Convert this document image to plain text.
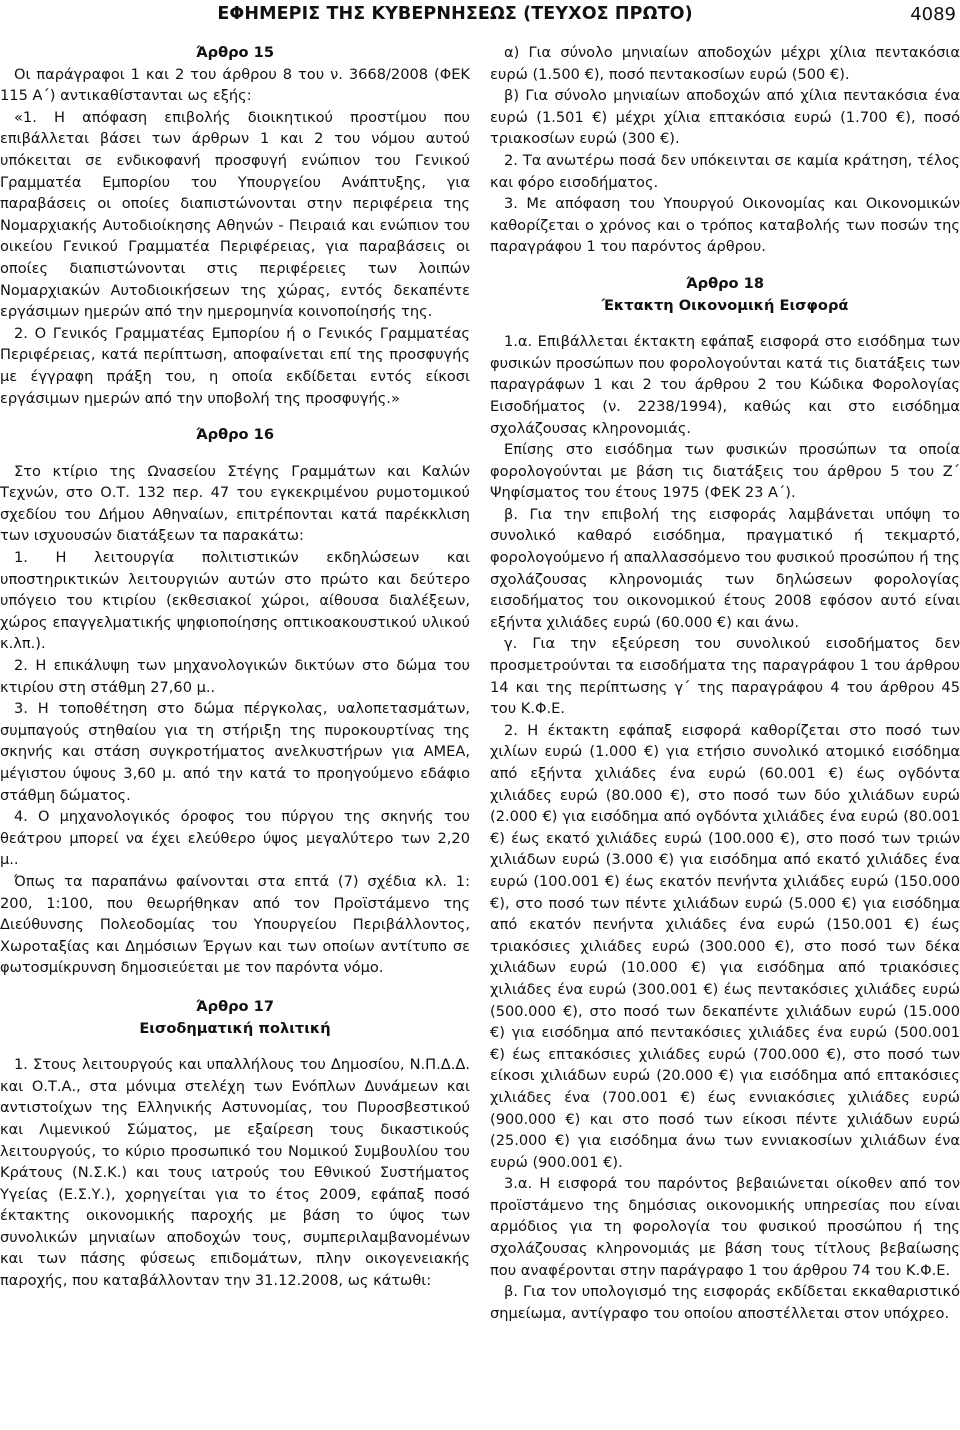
ΕΦΗΜΕΡΙΣ ΤΗΣ ΚΥΒΕΡΝΗΣΕΩΣ (ΤΕΥΧΟΣ ΠΡΩΤΟ)	4089

Άρθρο 15

Οι παράγραφοι 1 και 2 του άρθρου 8 του ν. 3668/2008 (ΦΕΚ 115 Α΄) αντικαθίστανται ως εξής:

«1. Η απόφαση επιβολής διοικητικού προστίμου που επιβάλλεται βάσει των άρθρων 1 και 2 του νόμου αυτού υπόκειται σε ενδικοφανή προσφυγή ενώπιον του Γενικού Γραμματέα Εμπορίου του Υπουργείου Ανάπτυξης, για παραβάσεις οι οποίες διαπιστώνονται στην περιφέρεια της Νομαρχιακής Αυτοδιοίκησης Αθηνών - Πειραιά και ενώπιον του οικείου Γενικού Γραμματέα Περιφέρειας, για παραβάσεις οι οποίες διαπιστώνονται στις περιφέρειες των λοιπών Νομαρχιακών Αυτοδιοικήσεων της χώρας, εντός δεκαπέντε εργάσιμων ημερών από την ημερομηνία κοινοποίησής της.

2. Ο Γενικός Γραμματέας Εμπορίου ή ο Γενικός Γραμματέας Περιφέρειας, κατά περίπτωση, αποφαίνεται επί της προσφυγής με έγγραφη πράξη του, η οποία εκδίδεται εντός είκοσι εργάσιμων ημερών από την υποβολή της προσφυγής.»

Άρθρο 16

Στο κτίριο της Ωνασείου Στέγης Γραμμάτων και Καλών Τεχνών, στο Ο.Τ. 132 περ. 47 του εγκεκριμένου ρυμοτομικού σχεδίου του Δήμου Αθηναίων, επιτρέπονται κατά παρέκκλιση των ισχυουσών διατάξεων τα παρακάτω:

1. Η λειτουργία πολιτιστικών εκδηλώσεων και υποστηρικτικών λειτουργιών αυτών στο πρώτο και δεύτερο υπόγειο του κτιρίου (εκθεσιακοί χώροι, αίθουσα διαλέξεων, χώρος επαγγελματικής ψηφιοποίησης οπτικοακουστικού υλικού κ.λπ.).

2. Η επικάλυψη των μηχανολογικών δικτύων στο δώμα του κτιρίου στη στάθμη 27,60 μ..

3. Η τοποθέτηση στο δώμα πέργκολας, υαλοπετασμάτων, συμπαγούς στηθαίου για τη στήριξη της πυροκουρτίνας της σκηνής και στάση συγκροτήματος ανελκυστήρων για ΑΜΕΑ, μέγιστου ύψους 3,60 μ. από την κατά το προηγούμενο εδάφιο στάθμη δώματος.

4. Ο μηχανολογικός όροφος του πύργου της σκηνής του θεάτρου μπορεί να έχει ελεύθερο ύψος μεγαλύτερο των 2,20 μ..

Όπως τα παραπάνω φαίνονται στα επτά (7) σχέδια κλ. 1: 200, 1:100, που θεωρήθηκαν από τον Προϊστάμενο της Διεύθυνσης Πολεοδομίας του Υπουργείου Περιβάλλοντος, Χωροταξίας και Δημόσιων Έργων και των οποίων αντίτυπο σε φωτοσμίκρυνση δημοσιεύεται με τον παρόντα νόμο.

Άρθρο 17

Εισοδηματική πολιτική

1. Στους λειτουργούς και υπαλλήλους του Δημοσίου, Ν.Π.Δ.Δ. και Ο.Τ.Α., στα μόνιμα στελέχη των Ενόπλων Δυνάμεων και αντιστοίχων της Ελληνικής Αστυνομίας, του Πυροσβεστικού και Λιμενικού Σώματος, με εξαίρεση τους δικαστικούς λειτουργούς, το κύριο προσωπικό του Νομικού Συμβουλίου του Κράτους (Ν.Σ.Κ.) και τους ιατρούς του Εθνικού Συστήματος Υγείας (Ε.Σ.Υ.), χορηγείται για το έτος 2009, εφάπαξ ποσό έκτακτης οικονομικής παροχής με βάση το ύψος των συνολικών μηνιαίων αποδοχών τους, συμπεριλαμβανομένων και των πάσης φύσεως επιδομάτων, πλην οικογενειακής παροχής, που καταβάλλονταν την 31.12.2008, ως κάτωθι:

α) Για σύνολο μηνιαίων αποδοχών μέχρι χίλια πεντακόσια ευρώ (1.500 €), ποσό πεντακοσίων ευρώ (500 €).

β) Για σύνολο μηνιαίων αποδοχών από χίλια πεντακόσια ένα ευρώ (1.501 €) μέχρι χίλια επτακόσια ευρώ (1.700 €), ποσό τριακοσίων ευρώ (300 €).

2. Τα ανωτέρω ποσά δεν υπόκεινται σε καμία κράτηση, τέλος και φόρο εισοδήματος.

3. Με απόφαση του Υπουργού Οικονομίας και Οικονομικών καθορίζεται ο χρόνος και ο τρόπος καταβολής των ποσών της παραγράφου 1 του παρόντος άρθρου.

Άρθρο 18

Έκτακτη Οικονομική Εισφορά

1.α. Επιβάλλεται έκτακτη εφάπαξ εισφορά στο εισόδημα των φυσικών προσώπων που φορολογούνται κατά τις διατάξεις των παραγράφων 1 και 2 του άρθρου 2 του Κώδικα Φορολογίας Εισοδήματος (ν. 2238/1994), καθώς και στο εισόδημα σχολάζουσας κληρονομιάς.

Επίσης στο εισόδημα των φυσικών προσώπων τα οποία φορολογούνται με βάση τις διατάξεις του άρθρου 5 του Ζ΄ Ψηφίσματος του έτους 1975 (ΦΕΚ 23 Α΄).

β. Για την επιβολή της εισφοράς λαμβάνεται υπόψη το συνολικό καθαρό εισόδημα, πραγματικό ή τεκμαρτό, φορολογούμενο ή απαλλασσόμενο του φυσικού προσώπου ή της σχολάζουσας κληρονομιάς των δηλώσεων φορολογίας εισοδήματος του οικονομικού έτους 2008 εφόσον αυτό είναι εξήντα χιλιάδες ευρώ (60.000 €) και άνω.

γ. Για την εξεύρεση του συνολικού εισοδήματος δεν προσμετρούνται τα εισοδήματα της παραγράφου 1 του άρθρου 14 και της περίπτωσης γ΄ της παραγράφου 4 του άρθρου 45 του Κ.Φ.Ε.

2. Η έκτακτη εφάπαξ εισφορά καθορίζεται στο ποσό των χιλίων ευρώ (1.000 €) για ετήσιο συνολικό ατομικό εισόδημα από εξήντα χιλιάδες ένα ευρώ (60.001 €) έως ογδόντα χιλιάδες ευρώ (80.000 €), στο ποσό των δύο χιλιάδων ευρώ (2.000 €) για εισόδημα από ογδόντα χιλιάδες ένα ευρώ (80.001 €) έως εκατό χιλιάδες ευρώ (100.000 €), στο ποσό των τριών χιλιάδων ευρώ (3.000 €) για εισόδημα από εκατό χιλιάδες ένα ευρώ (100.001 €) έως εκατόν πενήντα χιλιάδες ευρώ (150.000 €), στο ποσό των πέντε χιλιάδων ευρώ (5.000 €) για εισόδημα από εκατόν πενήντα χιλιάδες ένα ευρώ (150.001 €) έως τριακόσιες χιλιάδες ευρώ (300.000 €), στο ποσό των δέκα χιλιάδων ευρώ (10.000 €) για εισόδημα από τριακόσιες χιλιάδες ένα ευρώ (300.001 €) έως πεντακόσιες χιλιάδες ευρώ (500.000 €), στο ποσό των δεκαπέντε χιλιάδων ευρώ (15.000 €) για εισόδημα από πεντακόσιες χιλιάδες ένα ευρώ (500.001 €) έως επτακόσιες χιλιάδες ευρώ (700.000 €), στο ποσό των είκοσι χιλιάδων ευρώ (20.000 €) για εισόδημα από επτακόσιες χιλιάδες ένα (700.001 €) έως εννιακόσιες χιλιάδες ευρώ (900.000 €) και στο ποσό των είκοσι πέντε χιλιάδων ευρώ (25.000 €) για εισόδημα άνω των εννιακοσίων χιλιάδων ένα ευρώ (900.001 €).

3.α. Η εισφορά του παρόντος βεβαιώνεται οίκοθεν από τον προϊστάμενο της δημόσιας οικονομικής υπηρεσίας που είναι αρμόδιος για τη φορολογία του φυσικού προσώπου ή της σχολάζουσας κληρονομιάς με βάση τους τίτλους βεβαίωσης που αναφέρονται στην παράγραφο 1 του άρθρου 74 του Κ.Φ.Ε.

β. Για τον υπολογισμό της εισφοράς εκδίδεται εκκαθαριστικό σημείωμα, αντίγραφο του οποίου αποστέλλεται στον υπόχρεο.
